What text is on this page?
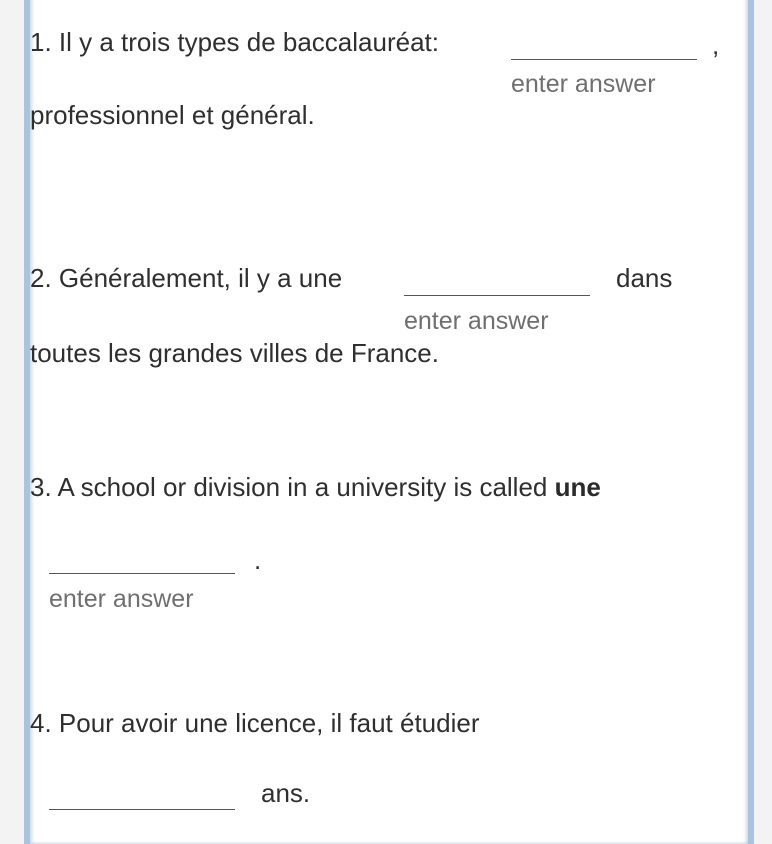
1. Il y a trois types de baccalauréat:	,
enter answer
professionnel et général.
2. Généralement, il y a une	dans
enter answer
toutes les grandes villes de France.
3. A school or division in a university is called une
.
enter answer
4. Pour avoir une licence, il faut étudier
ans.
